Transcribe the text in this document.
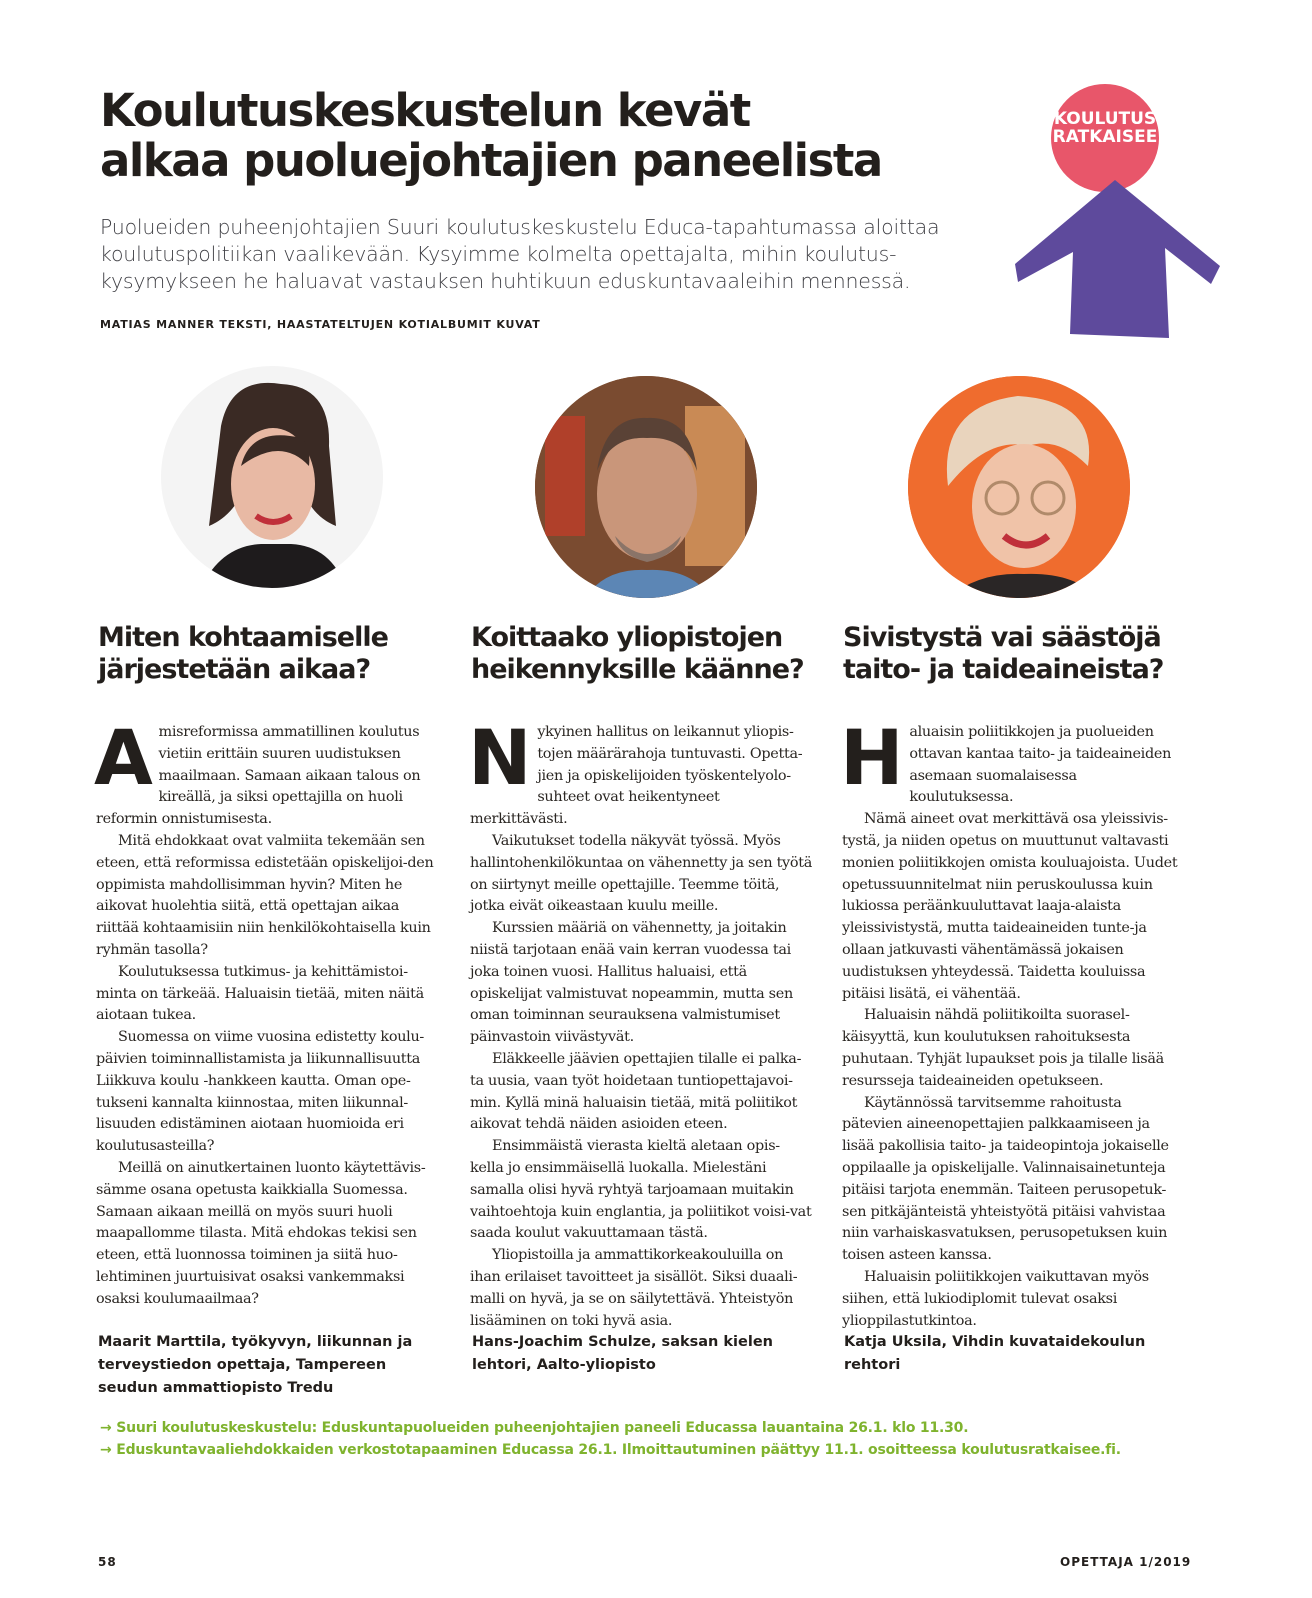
Koulutuskeskustelun kevät
alkaa puoluejohtajien paneelista

Puolueiden puheenjohtajien Suuri koulutuskeskustelu Educa-tapahtumassa aloittaa koulutuspolitiikan vaalikevään. Kysyimme kolmelta opettajalta, mihin koulutus-kysymykseen he haluavat vastauksen huhtikuun eduskuntavaaleihin mennessä.

MATIAS MANNER TEKSTI, HAASTATELTUJEN KOTIALBUMIT KUVAT
KOULUTUS
RATKAISEE
Miten kohtaamiselle
järjestetään aikaa?
Koittaako yliopistojen
heikennyksille käänne?
Sivistystä vai säästöjä
taito- ja taideaineista?

Amisreformissa ammatillinen koulutus vietiin erittäin suuren uudistuksen maailmaan. Samaan aikaan talous on kireällä, ja siksi opettajilla on huoli reformin onnistumisesta.

Mitä ehdokkaat ovat valmiita tekemään sen eteen, että reformissa edistetään opiskelijoi-den oppimista mahdollisimman hyvin? Miten he aikovat huolehtia siitä, että opettajan aikaa riittää kohtaamisiin niin henkilökohtaisella kuin ryhmän tasolla?

Koulutuksessa tutkimus- ja kehittämistoi-minta on tärkeää. Haluaisin tietää, miten näitä aiotaan tukea.

Suomessa on viime vuosina edistetty koulu-päivien toiminnallistamista ja liikunnallisuutta Liikkuva koulu -hankkeen kautta. Oman ope-tukseni kannalta kiinnostaa, miten liikunnal-lisuuden edistäminen aiotaan huomioida eri koulutusasteilla?

Meillä on ainutkertainen luonto käytettävis-sämme osana opetusta kaikkialla Suomessa. Samaan aikaan meillä on myös suuri huoli maapallomme tilasta. Mitä ehdokas tekisi sen eteen, että luonnossa toiminen ja siitä huo-lehtiminen juurtuisivat osaksi vankemmaksi osaksi koulumaailmaa?

Nykyinen hallitus on leikannut yliopis-tojen määrärahoja tuntuvasti. Opetta-jien ja opiskelijoiden työskentelyolo-suhteet ovat heikentyneet merkittävästi.

Vaikutukset todella näkyvät työssä. Myös hallintohenkilökuntaa on vähennetty ja sen työtä on siirtynyt meille opettajille. Teemme töitä, jotka eivät oikeastaan kuulu meille.

Kurssien määriä on vähennetty, ja joitakin niistä tarjotaan enää vain kerran vuodessa tai joka toinen vuosi. Hallitus haluaisi, että opiskelijat valmistuvat nopeammin, mutta sen oman toiminnan seurauksena valmistumiset päinvastoin viivästyvät.

Eläkkeelle jäävien opettajien tilalle ei palka-ta uusia, vaan työt hoidetaan tuntiopettajavoi-min. Kyllä minä haluaisin tietää, mitä poliitikot aikovat tehdä näiden asioiden eteen.

Ensimmäistä vierasta kieltä aletaan opis-kella jo ensimmäisellä luokalla. Mielestäni samalla olisi hyvä ryhtyä tarjoamaan muitakin vaihtoehtoja kuin englantia, ja poliitikot voisi-vat saada koulut vakuuttamaan tästä.

Yliopistoilla ja ammattikorkeakouluilla on ihan erilaiset tavoitteet ja sisällöt. Siksi duaali-malli on hyvä, ja se on säilytettävä. Yhteistyön lisääminen on toki hyvä asia.

Haluaisin poliitikkojen ja puolueiden ottavan kantaa taito- ja taideaineiden asemaan suomalaisessa koulutuksessa.

Nämä aineet ovat merkittävä osa yleissivis-tystä, ja niiden opetus on muuttunut valtavasti monien poliitikkojen omista kouluajoista. Uudet opetussuunnitelmat niin peruskoulussa kuin lukiossa peräänkuuluttavat laaja-alaista yleissivistystä, mutta taideaineiden tunte-ja ollaan jatkuvasti vähentämässä jokaisen uudistuksen yhteydessä. Taidetta kouluissa pitäisi lisätä, ei vähentää.

Haluaisin nähdä poliitikoilta suorasel-käisyyttä, kun koulutuksen rahoituksesta puhutaan. Tyhjät lupaukset pois ja tilalle lisää resursseja taideaineiden opetukseen.

Käytännössä tarvitsemme rahoitusta pätevien aineenopettajien palkkaamiseen ja lisää pakollisia taito- ja taideopintoja jokaiselle oppilaalle ja opiskelijalle. Valinnaisainetunteja pitäisi tarjota enemmän. Taiteen perusopetuk-sen pitkäjänteistä yhteistyötä pitäisi vahvistaa niin varhaiskasvatuksen, perusopetuksen kuin toisen asteen kanssa.

Haluaisin poliitikkojen vaikuttavan myös siihen, että lukiodiplomit tulevat osaksi ylioppilastutkintoa.

Maarit Marttila, työkyvyn, liikunnan ja terveystiedon opettaja, Tampereen seudun ammattiopisto Tredu
Hans-Joachim Schulze, saksan kielen lehtori, Aalto-yliopisto
Katja Uksila, Vihdin kuvataidekoulun rehtori
→ Suuri koulutuskeskustelu: Eduskuntapuolueiden puheenjohtajien paneeli Educassa lauantaina 26.1. klo 11.30.
→ Eduskuntavaaliehdokkaiden verkostotapaaminen Educassa 26.1. Ilmoittautuminen päättyy 11.1. osoitteessa koulutusratkaisee.fi.
58	OPETTAJA 1/2019
